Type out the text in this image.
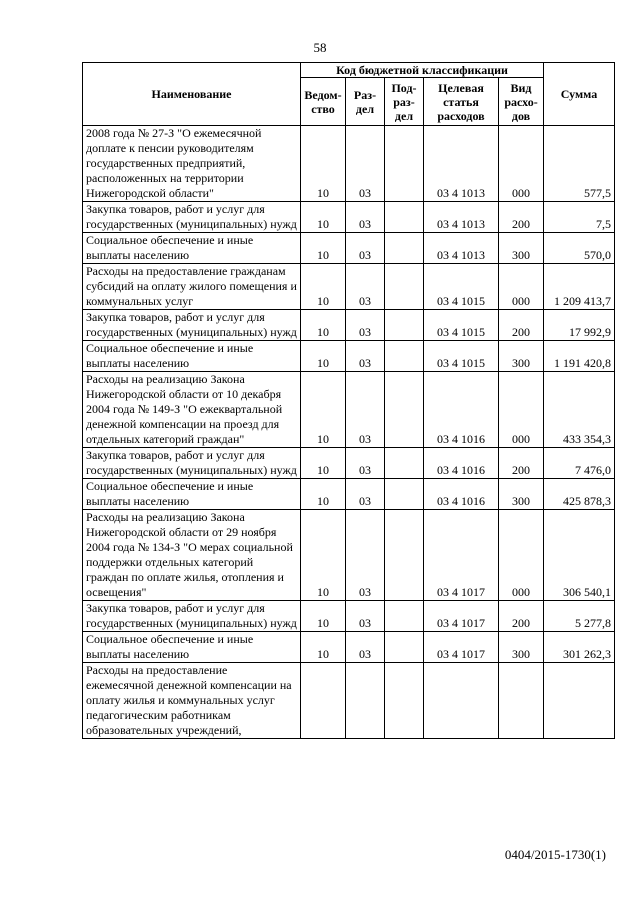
58
Наименование	Код бюджетной классификации					Сумма
	Ведом-ство	Раз-дел	Под-раз-дел	Целевая статья расходов	Вид расхо-дов	
2008 года № 27-З "О ежемесячной доплате к пенсии руководителям государственных предприятий, расположенных на территории Нижегородской области"	10	03		03 4 1013	000	577,5
Закупка товаров, работ и услуг для государственных (муниципальных) нужд	10	03		03 4 1013	200	7,5
Социальное обеспечение и иные выплаты населению	10	03		03 4 1013	300	570,0
Расходы на предоставление гражданам субсидий на оплату жилого помещения и коммунальных услуг	10	03		03 4 1015	000	1 209 413,7
Закупка товаров, работ и услуг для государственных (муниципальных) нужд	10	03		03 4 1015	200	17 992,9
Социальное обеспечение и иные выплаты населению	10	03		03 4 1015	300	1 191 420,8
Расходы на реализацию Закона Нижегородской области от 10 декабря 2004 года № 149-З "О ежеквартальной денежной компенсации на проезд для отдельных категорий граждан"	10	03		03 4 1016	000	433 354,3
Закупка товаров, работ и услуг для государственных (муниципальных) нужд	10	03		03 4 1016	200	7 476,0
Социальное обеспечение и иные выплаты населению	10	03		03 4 1016	300	425 878,3
Расходы на реализацию Закона Нижегородской области от 29 ноября 2004 года № 134-З "О мерах социальной поддержки отдельных категорий граждан по оплате жилья, отопления и освещения"	10	03		03 4 1017	000	306 540,1
Закупка товаров, работ и услуг для государственных (муниципальных) нужд	10	03		03 4 1017	200	5 277,8
Социальное обеспечение и иные выплаты населению	10	03		03 4 1017	300	301 262,3
Расходы на предоставление ежемесячной денежной компенсации на оплату жилья и коммунальных услуг педагогическим работникам образовательных учреждений,						
0404/2015-1730(1)
